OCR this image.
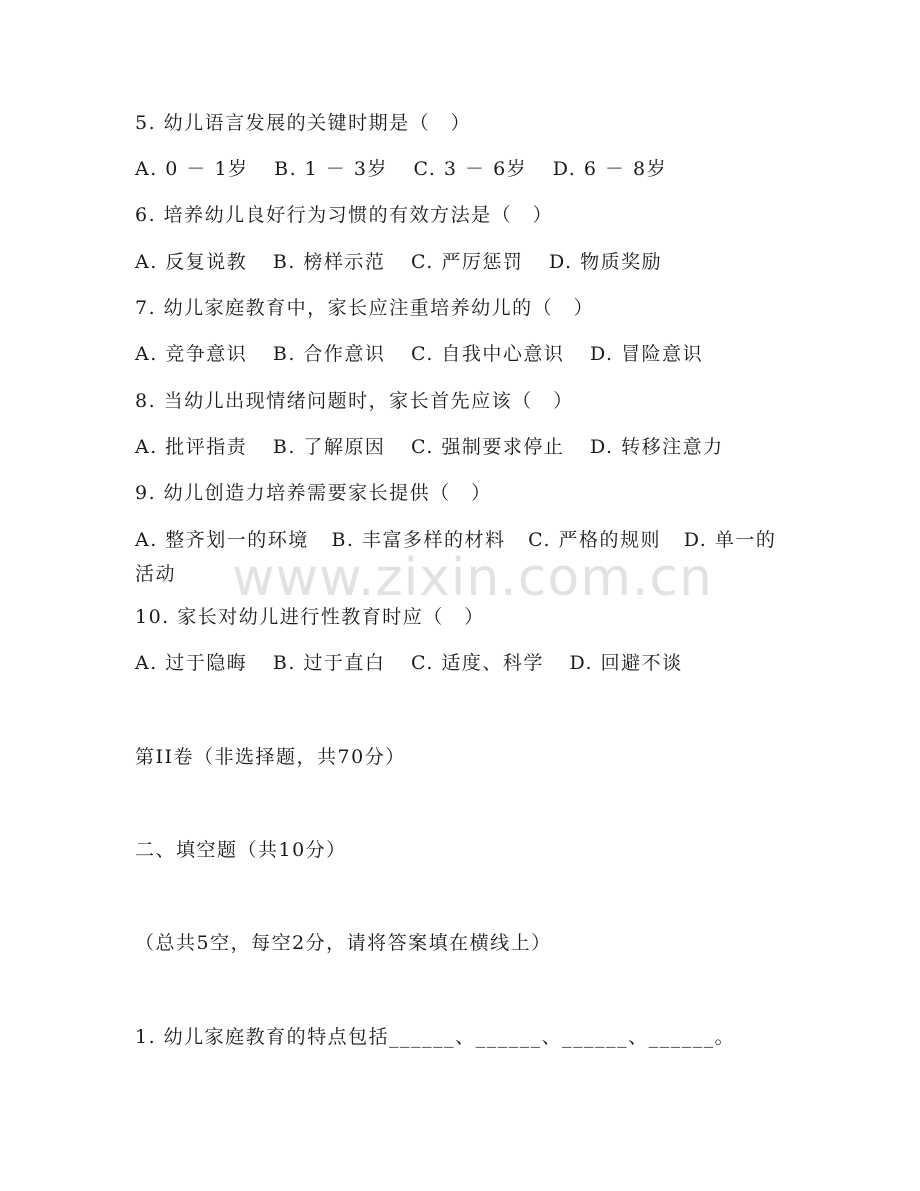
5. 幼儿语言发展的关键时期是（　）
A. 0 － 1岁 B. 1 － 3岁 C. 3 － 6岁 D. 6 － 8岁
6. 培养幼儿良好行为习惯的有效方法是（　）
A. 反复说教 B. 榜样示范 C. 严厉惩罚 D. 物质奖励
7. 幼儿家庭教育中，家长应注重培养幼儿的（　）
A. 竞争意识 B. 合作意识 C. 自我中心意识 D. 冒险意识
8. 当幼儿出现情绪问题时，家长首先应该（　）
A. 批评指责 B. 了解原因 C. 强制要求停止 D. 转移注意力
9. 幼儿创造力培养需要家长提供（　）
A. 整齐划一的环境 B. 丰富多样的材料 C. 严格的规则 D. 单一的活动
10. 家长对幼儿进行性教育时应（　）
A. 过于隐晦 B. 过于直白 C. 适度、科学 D. 回避不谈
第II卷（非选择题，共70分）
二、填空题（共10分）
（总共5空，每空2分，请将答案填在横线上）
1. 幼儿家庭教育的特点包括______、______、______、______。
www.zixin.com.cn
